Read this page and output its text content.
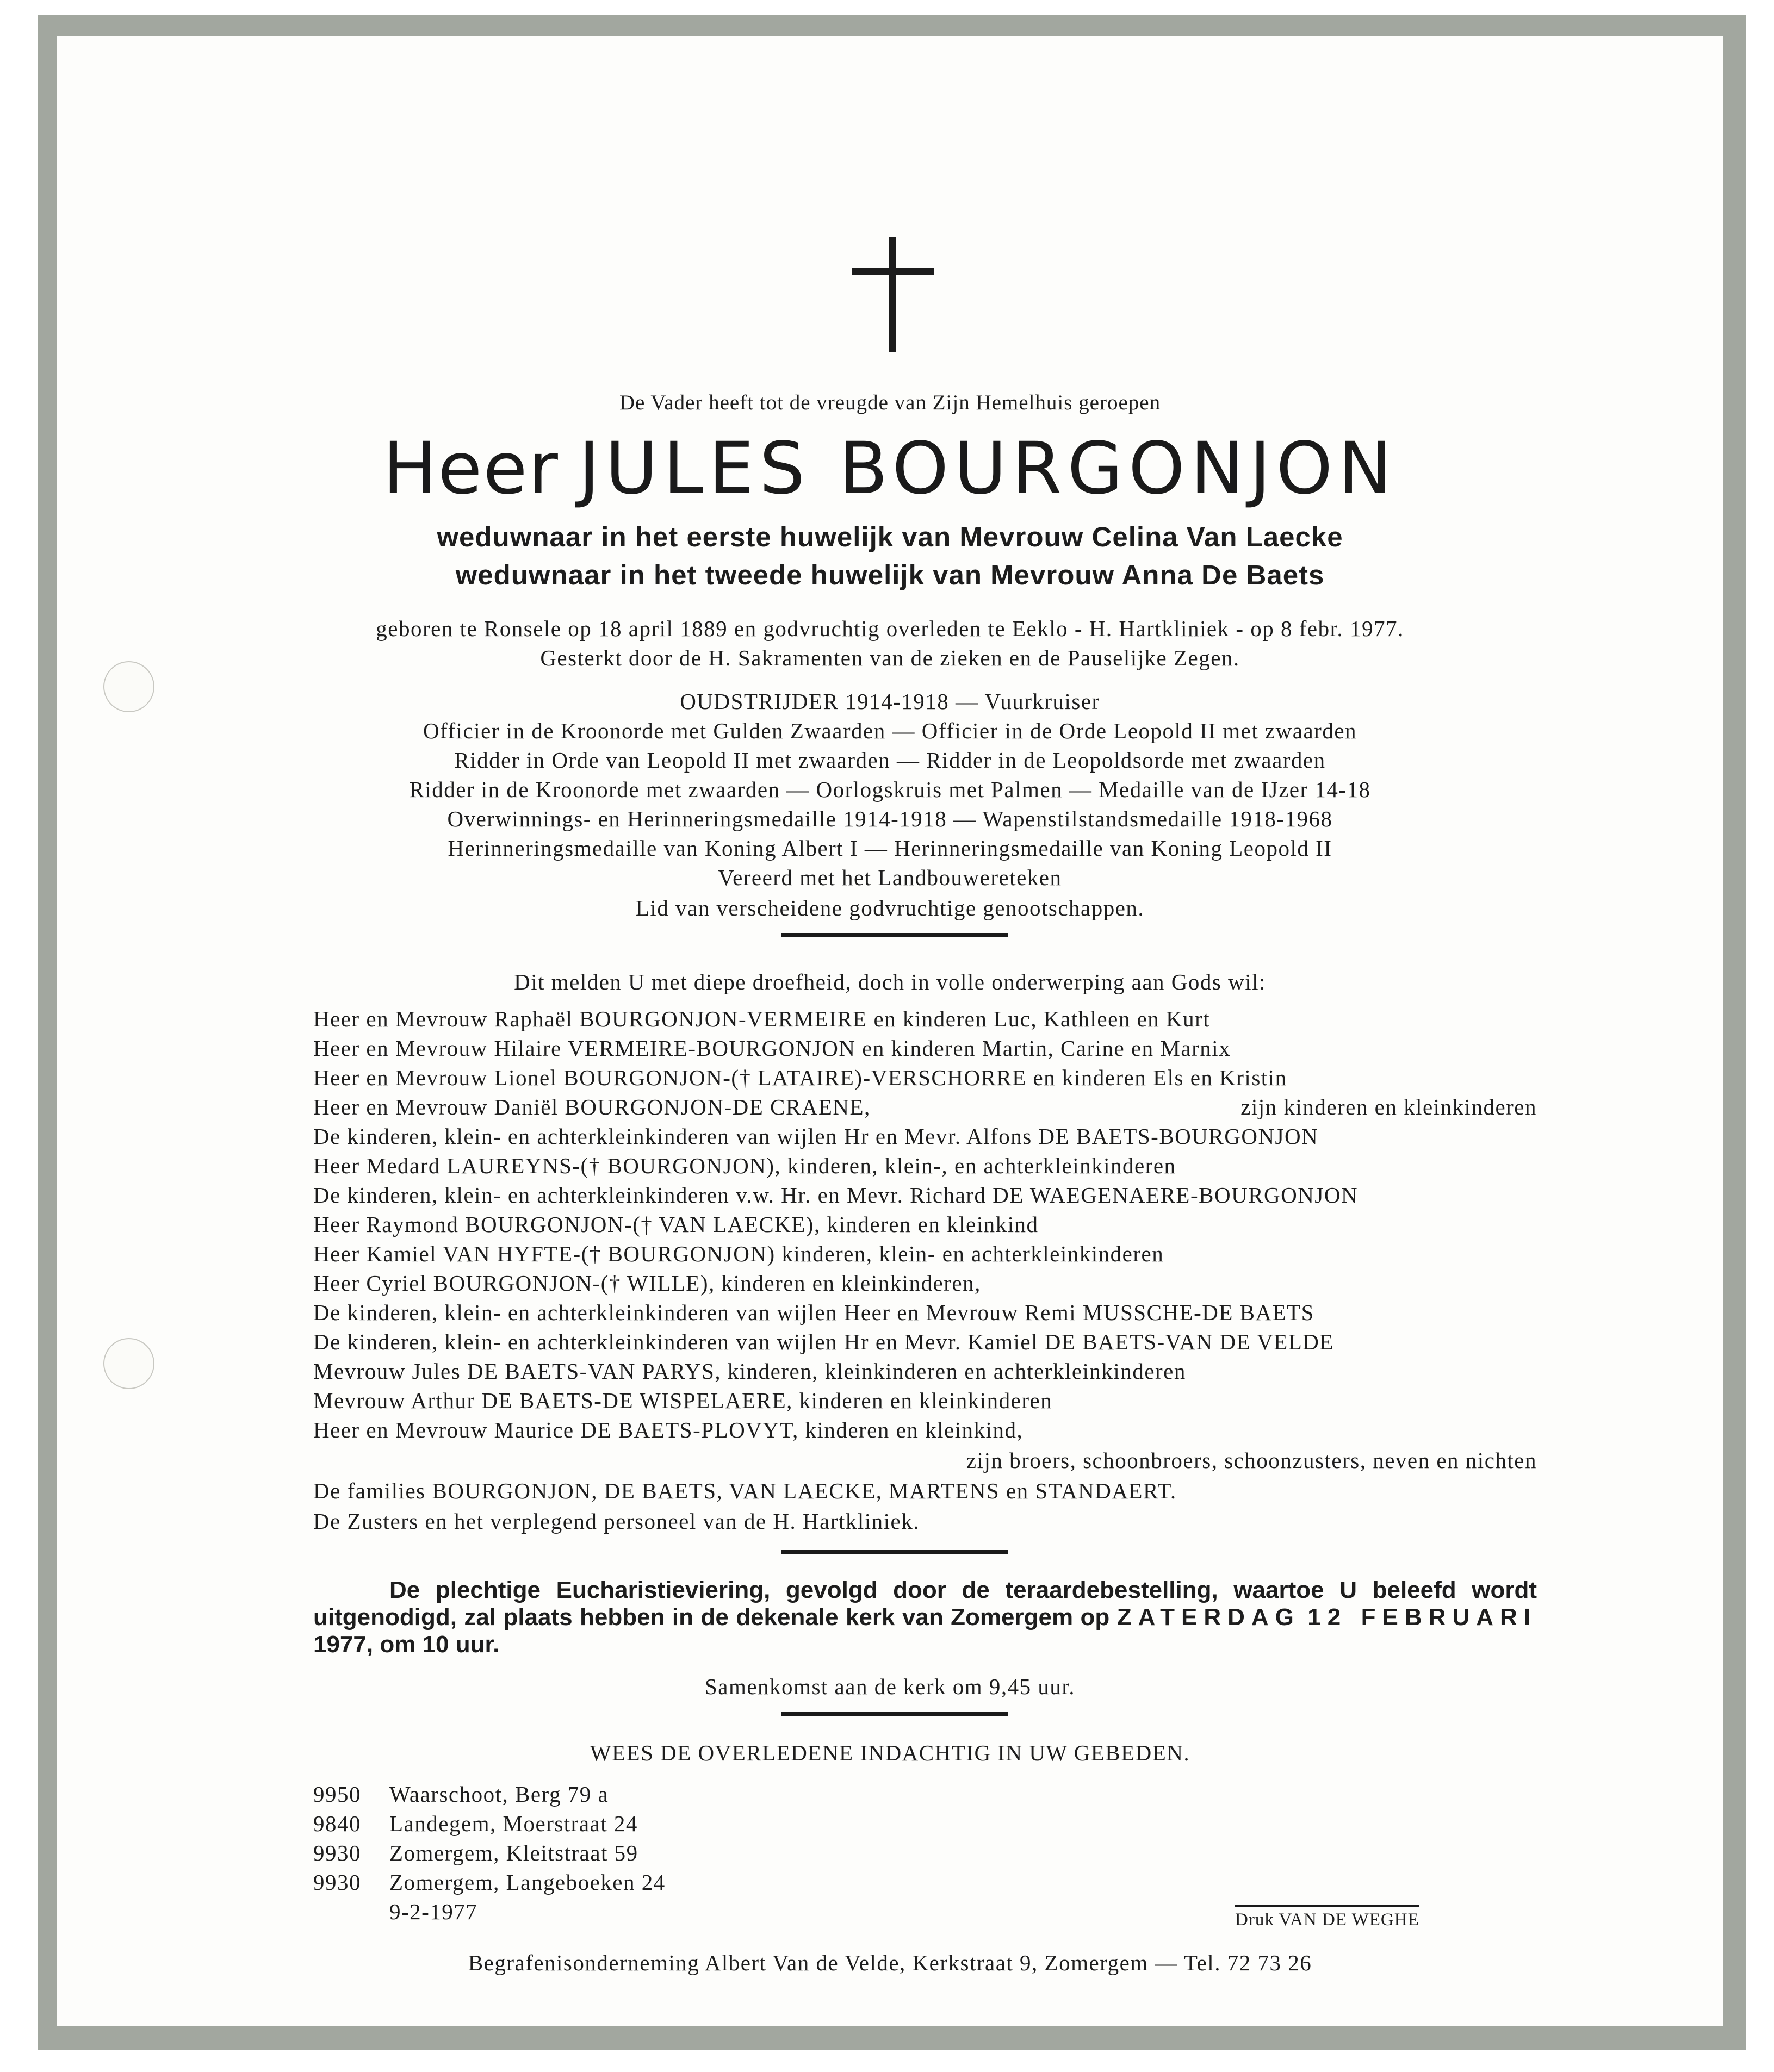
De Vader heeft tot de vreugde van Zijn Hemelhuis geroepen
Heer JULES BOURGONJON
weduwnaar in het eerste huwelijk van Mevrouw Celina Van Laecke
weduwnaar in het tweede huwelijk van Mevrouw Anna De Baets
geboren te Ronsele op 18 april 1889 en godvruchtig overleden te Eeklo - H. Hartkliniek - op 8 febr. 1977.
Gesterkt door de H. Sakramenten van de zieken en de Pauselijke Zegen.
OUDSTRIJDER 1914-1918 — Vuurkruiser
Officier in de Kroonorde met Gulden Zwaarden — Officier in de Orde Leopold II met zwaarden
Ridder in Orde van Leopold II met zwaarden — Ridder in de Leopoldsorde met zwaarden
Ridder in de Kroonorde met zwaarden — Oorlogskruis met Palmen — Medaille van de IJzer 14-18
Overwinnings- en Herinneringsmedaille 1914-1918 — Wapenstilstandsmedaille 1918-1968
Herinneringsmedaille van Koning Albert I — Herinneringsmedaille van Koning Leopold II
Vereerd met het Landbouwereteken
Lid van verscheidene godvruchtige genootschappen.
Dit melden U met diepe droefheid, doch in volle onderwerping aan Gods wil:
Heer en Mevrouw Raphaël BOURGONJON-VERMEIRE en kinderen Luc, Kathleen en Kurt
Heer en Mevrouw Hilaire VERMEIRE-BOURGONJON en kinderen Martin, Carine en Marnix
Heer en Mevrouw Lionel BOURGONJON-(† LATAIRE)-VERSCHORRE en kinderen Els en Kristin
Heer en Mevrouw Daniël BOURGONJON-DE CRAENE,	zijn kinderen en kleinkinderen
De kinderen, klein- en achterkleinkinderen van wijlen Hr en Mevr. Alfons DE BAETS-BOURGONJON
Heer Medard LAUREYNS-(† BOURGONJON), kinderen, klein-, en achterkleinkinderen
De kinderen, klein- en achterkleinkinderen v.w. Hr. en Mevr. Richard DE WAEGENAERE-BOURGONJON
Heer Raymond BOURGONJON-(† VAN LAECKE), kinderen en kleinkind
Heer Kamiel VAN HYFTE-(† BOURGONJON) kinderen, klein- en achterkleinkinderen
Heer Cyriel BOURGONJON-(† WILLE), kinderen en kleinkinderen,
De kinderen, klein- en achterkleinkinderen van wijlen Heer en Mevrouw Remi MUSSCHE-DE BAETS
De kinderen, klein- en achterkleinkinderen van wijlen Hr en Mevr. Kamiel DE BAETS-VAN DE VELDE
Mevrouw Jules DE BAETS-VAN PARYS, kinderen, kleinkinderen en achterkleinkinderen
Mevrouw Arthur DE BAETS-DE WISPELAERE, kinderen en kleinkinderen
Heer en Mevrouw Maurice DE BAETS-PLOVYT, kinderen en kleinkind,
zijn broers, schoonbroers, schoonzusters, neven en nichten
De families BOURGONJON, DE BAETS, VAN LAECKE, MARTENS en STANDAERT.
De Zusters en het verplegend personeel van de H. Hartkliniek.
De plechtige Eucharistieviering, gevolgd door de teraardebestelling, waartoe U beleefd wordt uitgenodigd, zal plaats hebben in de dekenale kerk van Zomergem op ZATERDAG 12 FEBRUARI 1977, om 10 uur.
Samenkomst aan de kerk om 9,45 uur.
WEES DE OVERLEDENE INDACHTIG IN UW GEBEDEN.
9950 Waarschoot, Berg 79 a
9840 Landegem, Moerstraat 24
9930 Zomergem, Kleitstraat 59
9930 Zomergem, Langeboeken 24
9-2-1977	Druk VAN DE WEGHE
Begrafenisonderneming Albert Van de Velde, Kerkstraat 9, Zomergem — Tel. 72 73 26
